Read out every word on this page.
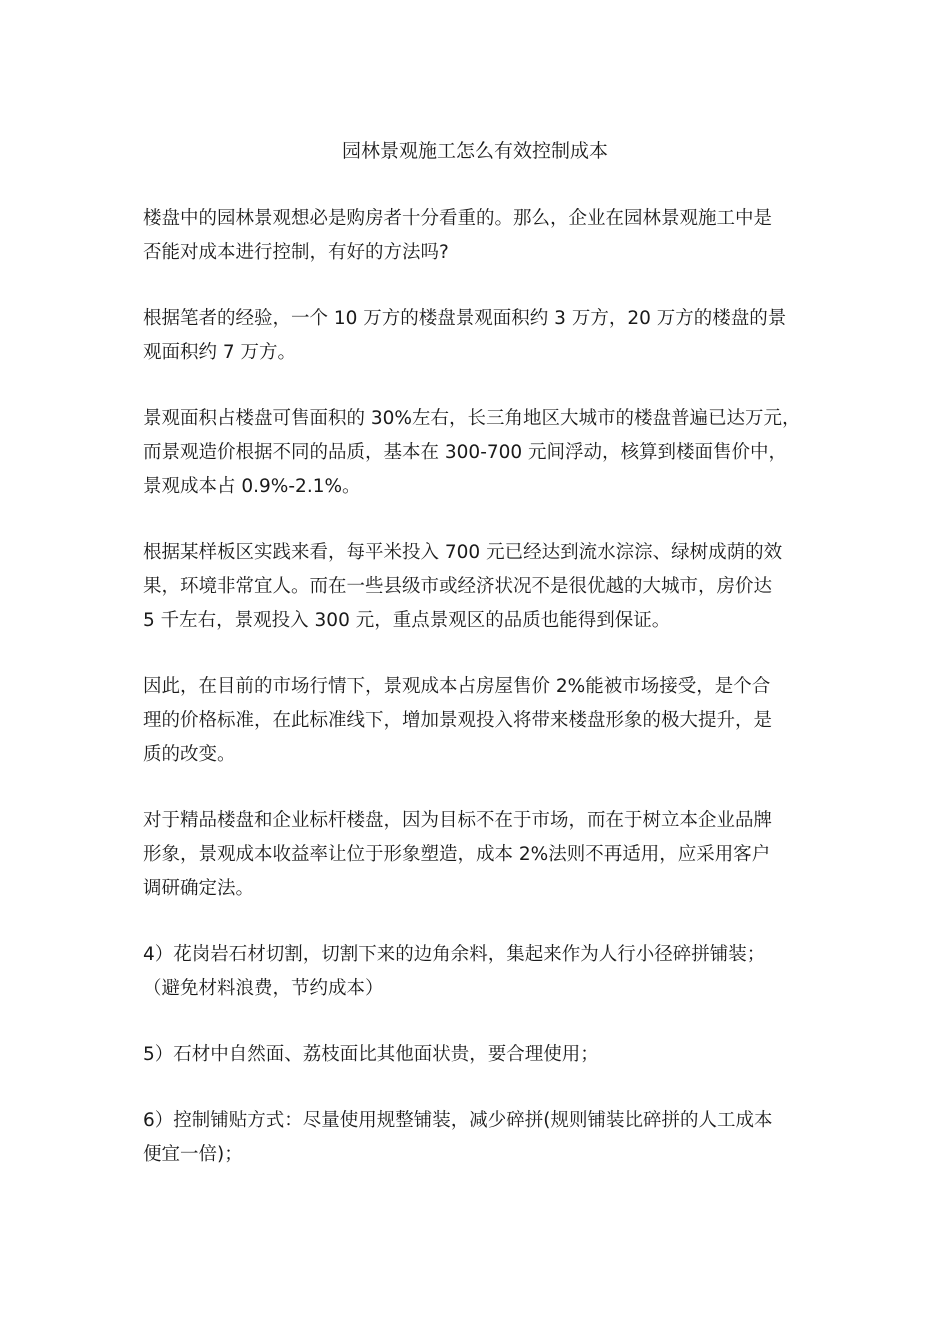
园林景观施工怎么有效控制成本

楼盘中的园林景观想必是购房者十分看重的。那么，企业在园林景观施工中是
否能对成本进行控制，有好的方法吗?

根据笔者的经验，一个 10 万方的楼盘景观面积约 3 万方，20 万方的楼盘的景
观面积约 7 万方。

景观面积占楼盘可售面积的 30%左右，长三角地区大城市的楼盘普遍已达万元，
而景观造价根据不同的品质，基本在 300-700 元间浮动，核算到楼面售价中，
景观成本占 0.9%-2.1%。

根据某样板区实践来看，每平米投入 700 元已经达到流水淙淙、绿树成荫的效
果，环境非常宜人。而在一些县级市或经济状况不是很优越的大城市，房价达
5 千左右，景观投入 300 元，重点景观区的品质也能得到保证。

因此，在目前的市场行情下，景观成本占房屋售价 2%能被市场接受，是个合
理的价格标准，在此标准线下，增加景观投入将带来楼盘形象的极大提升，是
质的改变。

对于精品楼盘和企业标杆楼盘，因为目标不在于市场，而在于树立本企业品牌
形象，景观成本收益率让位于形象塑造，成本 2%法则不再适用，应采用客户
调研确定法。

4）花岗岩石材切割，切割下来的边角余料，集起来作为人行小径碎拼铺装；
（避免材料浪费，节约成本）

5）石材中自然面、荔枝面比其他面状贵，要合理使用；

6）控制铺贴方式：尽量使用规整铺装，减少碎拼(规则铺装比碎拼的人工成本
便宜一倍)；
